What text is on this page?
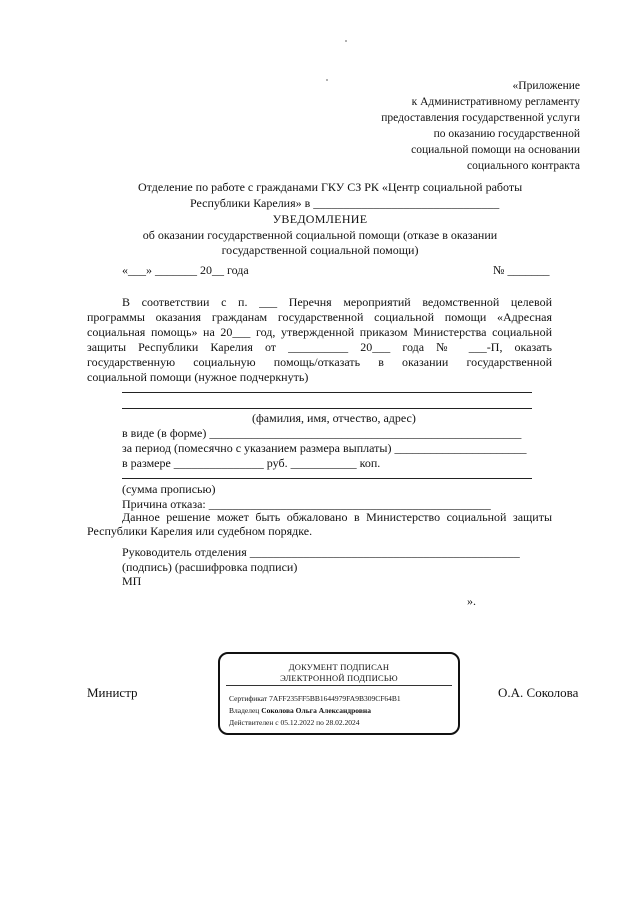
«Приложение
к Административному регламенту
предоставления государственной услуги
по оказанию государственной
социальной помощи на основании
социального контракта
Отделение по работе с гражданами ГКУ СЗ РК «Центр социальной работы
Республики Карелия» в _______________________________
УВЕДОМЛЕНИЕ
об оказании государственной социальной помощи (отказе в оказании
государственной социальной помощи)
«___» _______ 20__ года	№ _______
В соответствии с п. ___ Перечня мероприятий ведомственной целевой
программы оказания гражданам государственной социальной помощи «Адресная
социальная помощь» на 20___ год, утвержденной приказом Министерства социальной
защиты Республики Карелия от __________ 20___ года № ___-П, оказать
государственную социальную помощь/отказать в оказании государственной
социальной помощи (нужное подчеркнуть)
(фамилия, имя, отчество, адрес)
в виде (в форме) ____________________________________________________
за период (помесячно с указанием размера выплаты) ______________________
в размере _______________ руб. ___________ коп.
(сумма прописью)
Причина отказа: _______________________________________________
Данное решение может быть обжаловано в Министерство социальной защиты
Республики Карелия или судебном порядке.
Руководитель отделения _____________________________________________
(подпись) (расшифровка подписи)
МП
».
Министр	О.А. Соколова
ДОКУМЕНТ ПОДПИСАН
ЭЛЕКТРОННОЙ ПОДПИСЬЮ
Сертификат 7AFF235FF5BB1644979FA9B309CF64B1
Владелец Соколова Ольга Александровна
Действителен с 05.12.2022 по 28.02.2024
